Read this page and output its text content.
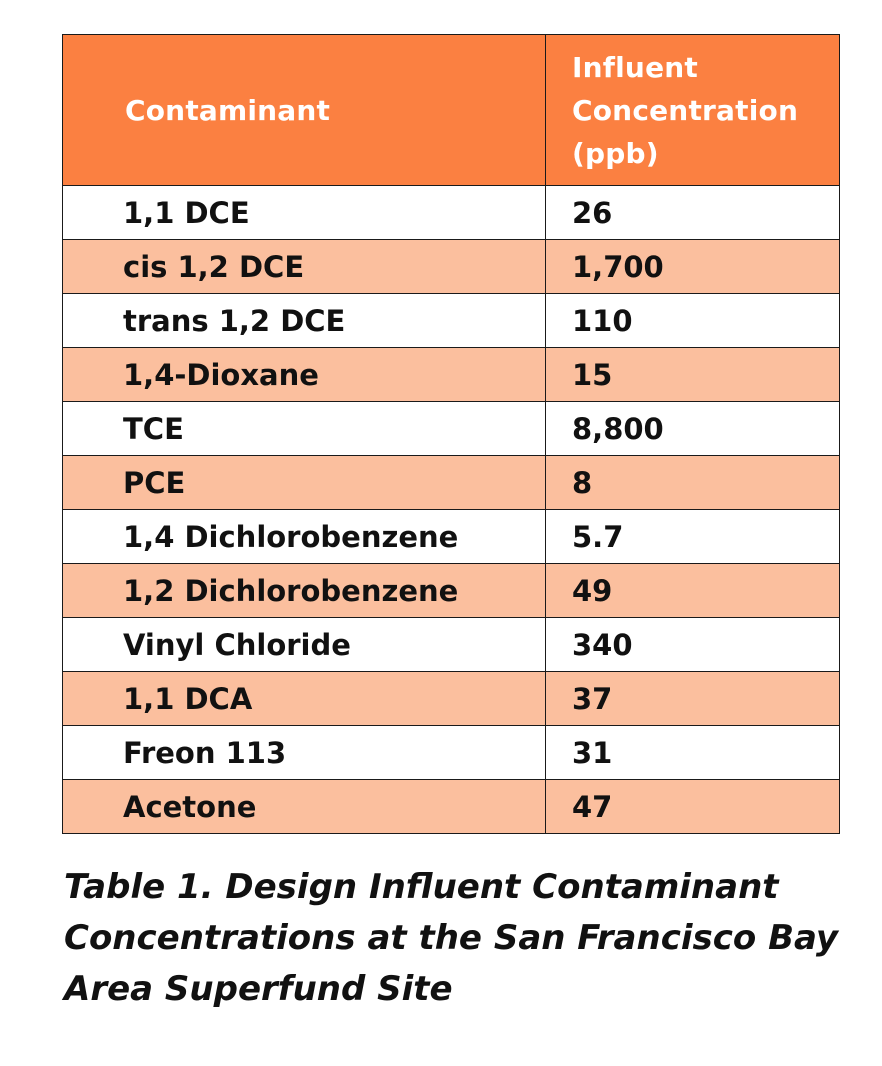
Contaminant	Influent Concentration (ppb)
1,1 DCE	26
cis 1,2 DCE	1,700
trans 1,2 DCE	110
1,4-Dioxane	15
TCE	8,800
PCE	8
1,4 Dichlorobenzene	5.7
1,2 Dichlorobenzene	49
Vinyl Chloride	340
1,1 DCA	37
Freon 113	31
Acetone	47
Table 1. Design Influent Contaminant Concentrations at the San Francisco Bay Area Superfund Site
